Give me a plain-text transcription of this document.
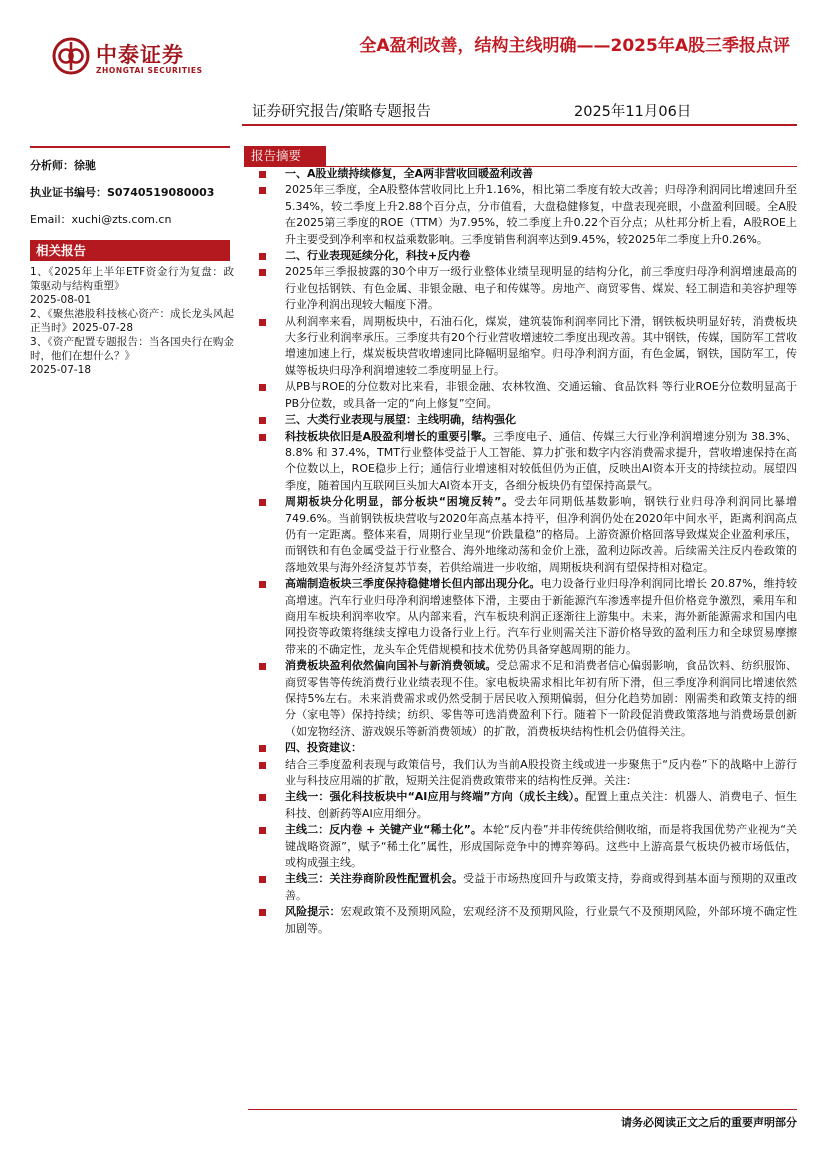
中泰证券
ZHONGTAI SECURITIES
全A盈利改善，结构主线明确——2025年A股三季报点评
证券研究报告/策略专题报告	2025年11月06日
分析师：徐驰
执业证书编号：S0740519080003
Email：xuchi@zts.com.cn
相关报告
1、《2025年上半年ETF资金行为复盘：政策驱动与结构重塑》
2025-08-01
2、《聚焦港股科技核心资产：成长龙头风起正当时》2025-07-28
3、《资产配置专题报告：当各国央行在购金时，他们在想什么？》
2025-07-18
报告摘要
一、A股业绩持续修复，全A两非营收回暖盈利改善
2025年三季度，全A股整体营收同比上升1.16%，相比第二季度有较大改善；归母净利润同比增速回升至5.34%，较二季度上升2.88个百分点，分市值看，大盘稳健修复，中盘表现亮眼，小盘盈利回暖。全A股在2025第三季度的ROE（TTM）为7.95%，较二季度上升0.22个百分点；从杜邦分析上看，A股ROE上升主要受到净利率和权益乘数影响。三季度销售利润率达到9.45%，较2025年二季度上升0.26%。
二、行业表现延续分化，科技+反内卷
2025年三季报披露的30个申万一级行业整体业绩呈现明显的结构分化，前三季度归母净利润增速最高的行业包括钢铁、有色金属、非银金融、电子和传媒等。房地产、商贸零售、煤炭、轻工制造和美容护理等行业净利润出现较大幅度下滑。
从利润率来看，周期板块中，石油石化，煤炭，建筑装饰利润率同比下滑，钢铁板块明显好转，消费板块大多行业利润率承压。三季度共有20个行业营收增速较二季度出现改善。其中钢铁，传媒，国防军工营收增速加速上行，煤炭板块营收增速同比降幅明显缩窄。归母净利润方面，有色金属，钢铁，国防军工，传媒等板块归母净利润增速较二季度明显上行。
从PB与ROE的分位数对比来看，非银金融、农林牧渔、交通运输、食品饮料 等行业ROE分位数明显高于PB分位数，或具备一定的“向上修复”空间。
三、大类行业表现与展望：主线明确，结构强化
科技板块依旧是A股盈利增长的重要引擎。三季度电子、通信、传媒三大行业净利润增速分别为 38.3%、8.8% 和 37.4%，TMT行业整体受益于人工智能、算力扩张和数字内容消费需求提升，营收增速保持在高个位数以上，ROE稳步上行；通信行业增速相对较低但仍为正值，反映出AI资本开支的持续拉动。展望四季度，随着国内互联网巨头加大AI资本开支，各细分板块仍有望保持高景气。
周期板块分化明显，部分板块“困境反转”。受去年同期低基数影响，钢铁行业归母净利润同比暴增 749.6%。当前钢铁板块营收与2020年高点基本持平，但净利润仍处在2020年中间水平，距离利润高点仍有一定距离。整体来看，周期行业呈现“价跌量稳”的格局。上游资源价格回落导致煤炭企业盈利承压，而钢铁和有色金属受益于行业整合、海外地缘动荡和金价上涨，盈利边际改善。后续需关注反内卷政策的落地效果与海外经济复苏节奏，若供给端进一步收缩，周期板块利润有望保持相对稳定。
高端制造板块三季度保持稳健增长但内部出现分化。电力设备行业归母净利润同比增长 20.87%，维持较高增速。汽车行业归母净利润增速整体下滑，主要由于新能源汽车渗透率提升但价格竞争激烈，乘用车和商用车板块利润率收窄。从内部来看，汽车板块利润正逐渐往上游集中。未来，海外新能源需求和国内电网投资等政策将继续支撑电力设备行业上行。汽车行业则需关注下游价格导致的盈利压力和全球贸易摩擦带来的不确定性，龙头车企凭借规模和技术优势仍具备穿越周期的能力。
消费板块盈利依然偏向国补与新消费领域。受总需求不足和消费者信心偏弱影响，食品饮料、纺织服饰、商贸零售等传统消费行业业绩表现不佳。家电板块需求相比年初有所下滑，但三季度净利润同比增速依然保持5%左右。未来消费需求或仍然受制于居民收入预期偏弱，但分化趋势加剧：刚需类和政策支持的细分（家电等）保持持续；纺织、零售等可选消费盈利下行。随着下一阶段促消费政策落地与消费场景创新（如宠物经济、游戏娱乐等新消费领域）的扩散，消费板块结构性机会仍值得关注。
四、投资建议：
结合三季度盈利表现与政策信号，我们认为当前A股投资主线或进一步聚焦于“反内卷”下的战略中上游行业与科技应用端的扩散，短期关注促消费政策带来的结构性反弹。关注：
主线一：强化科技板块中“AI应用与终端”方向（成长主线）。配置上重点关注：机器人、消费电子、恒生科技、创新药等AI应用细分。
主线二：反内卷 + 关键产业“稀土化”。本轮“反内卷”并非传统供给侧收缩，而是将我国优势产业视为“关键战略资源”，赋予“稀土化”属性，形成国际竞争中的博弈筹码。这些中上游高景气板块仍被市场低估，或构成强主线。
主线三：关注券商阶段性配置机会。受益于市场热度回升与政策支持，券商或得到基本面与预期的双重改善。
风险提示：宏观政策不及预期风险，宏观经济不及预期风险，行业景气不及预期风险，外部环境不确定性加剧等。
请务必阅读正文之后的重要声明部分
